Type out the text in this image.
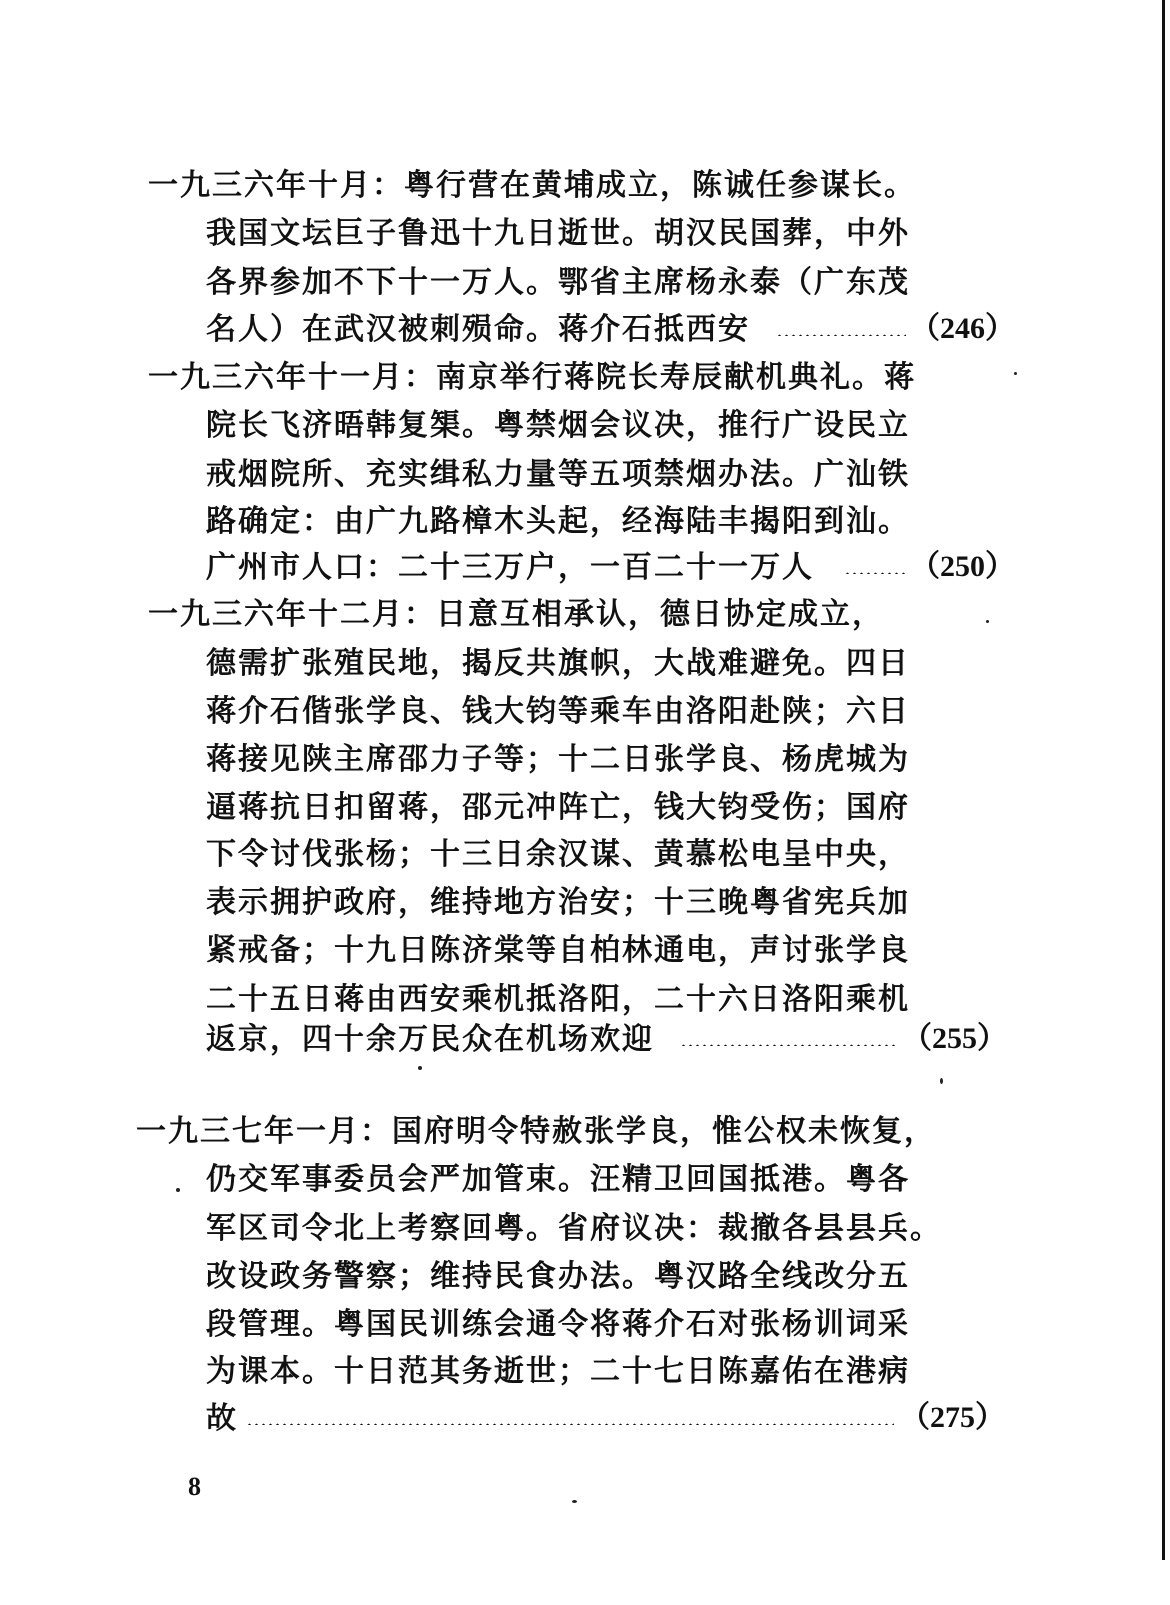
一九三六年十月：粤行营在黄埔成立，陈诚任参谋长。
我国文坛巨子鲁迅十九日逝世。胡汉民国葬，中外
各界参加不下十一万人。鄂省主席杨永泰（广东茂
名人）在武汉被刺殒命。蒋介石抵西安	（246）
一九三六年十一月：南京举行蒋院长寿辰献机典礼。蒋
院长飞济晤韩复榘。粤禁烟会议决，推行广设民立
戒烟院所、充实缉私力量等五项禁烟办法。广汕铁
路确定：由广九路樟木头起，经海陆丰揭阳到汕。
广州市人口：二十三万户，一百二十一万人	（250）
一九三六年十二月：日意互相承认，德日协定成立，
德需扩张殖民地，揭反共旗帜，大战难避免。四日
蒋介石偕张学良、钱大钧等乘车由洛阳赴陕；六日
蒋接见陕主席邵力子等；十二日张学良、杨虎城为
逼蒋抗日扣留蒋，邵元冲阵亡，钱大钧受伤；国府
下令讨伐张杨；十三日余汉谋、黄慕松电呈中央，
表示拥护政府，维持地方治安；十三晚粤省宪兵加
紧戒备；十九日陈济棠等自柏林通电，声讨张学良
二十五日蒋由西安乘机抵洛阳，二十六日洛阳乘机
返京，四十余万民众在机场欢迎	（255）
一九三七年一月：国府明令特赦张学良，惟公权未恢复，
仍交军事委员会严加管束。汪精卫回国抵港。粤各
军区司令北上考察回粤。省府议决：裁撤各县县兵。
改设政务警察；维持民食办法。粤汉路全线改分五
段管理。粤国民训练会通令将蒋介石对张杨训词采
为课本。十日范其务逝世；二十七日陈嘉佑在港病
故	（275）
8
